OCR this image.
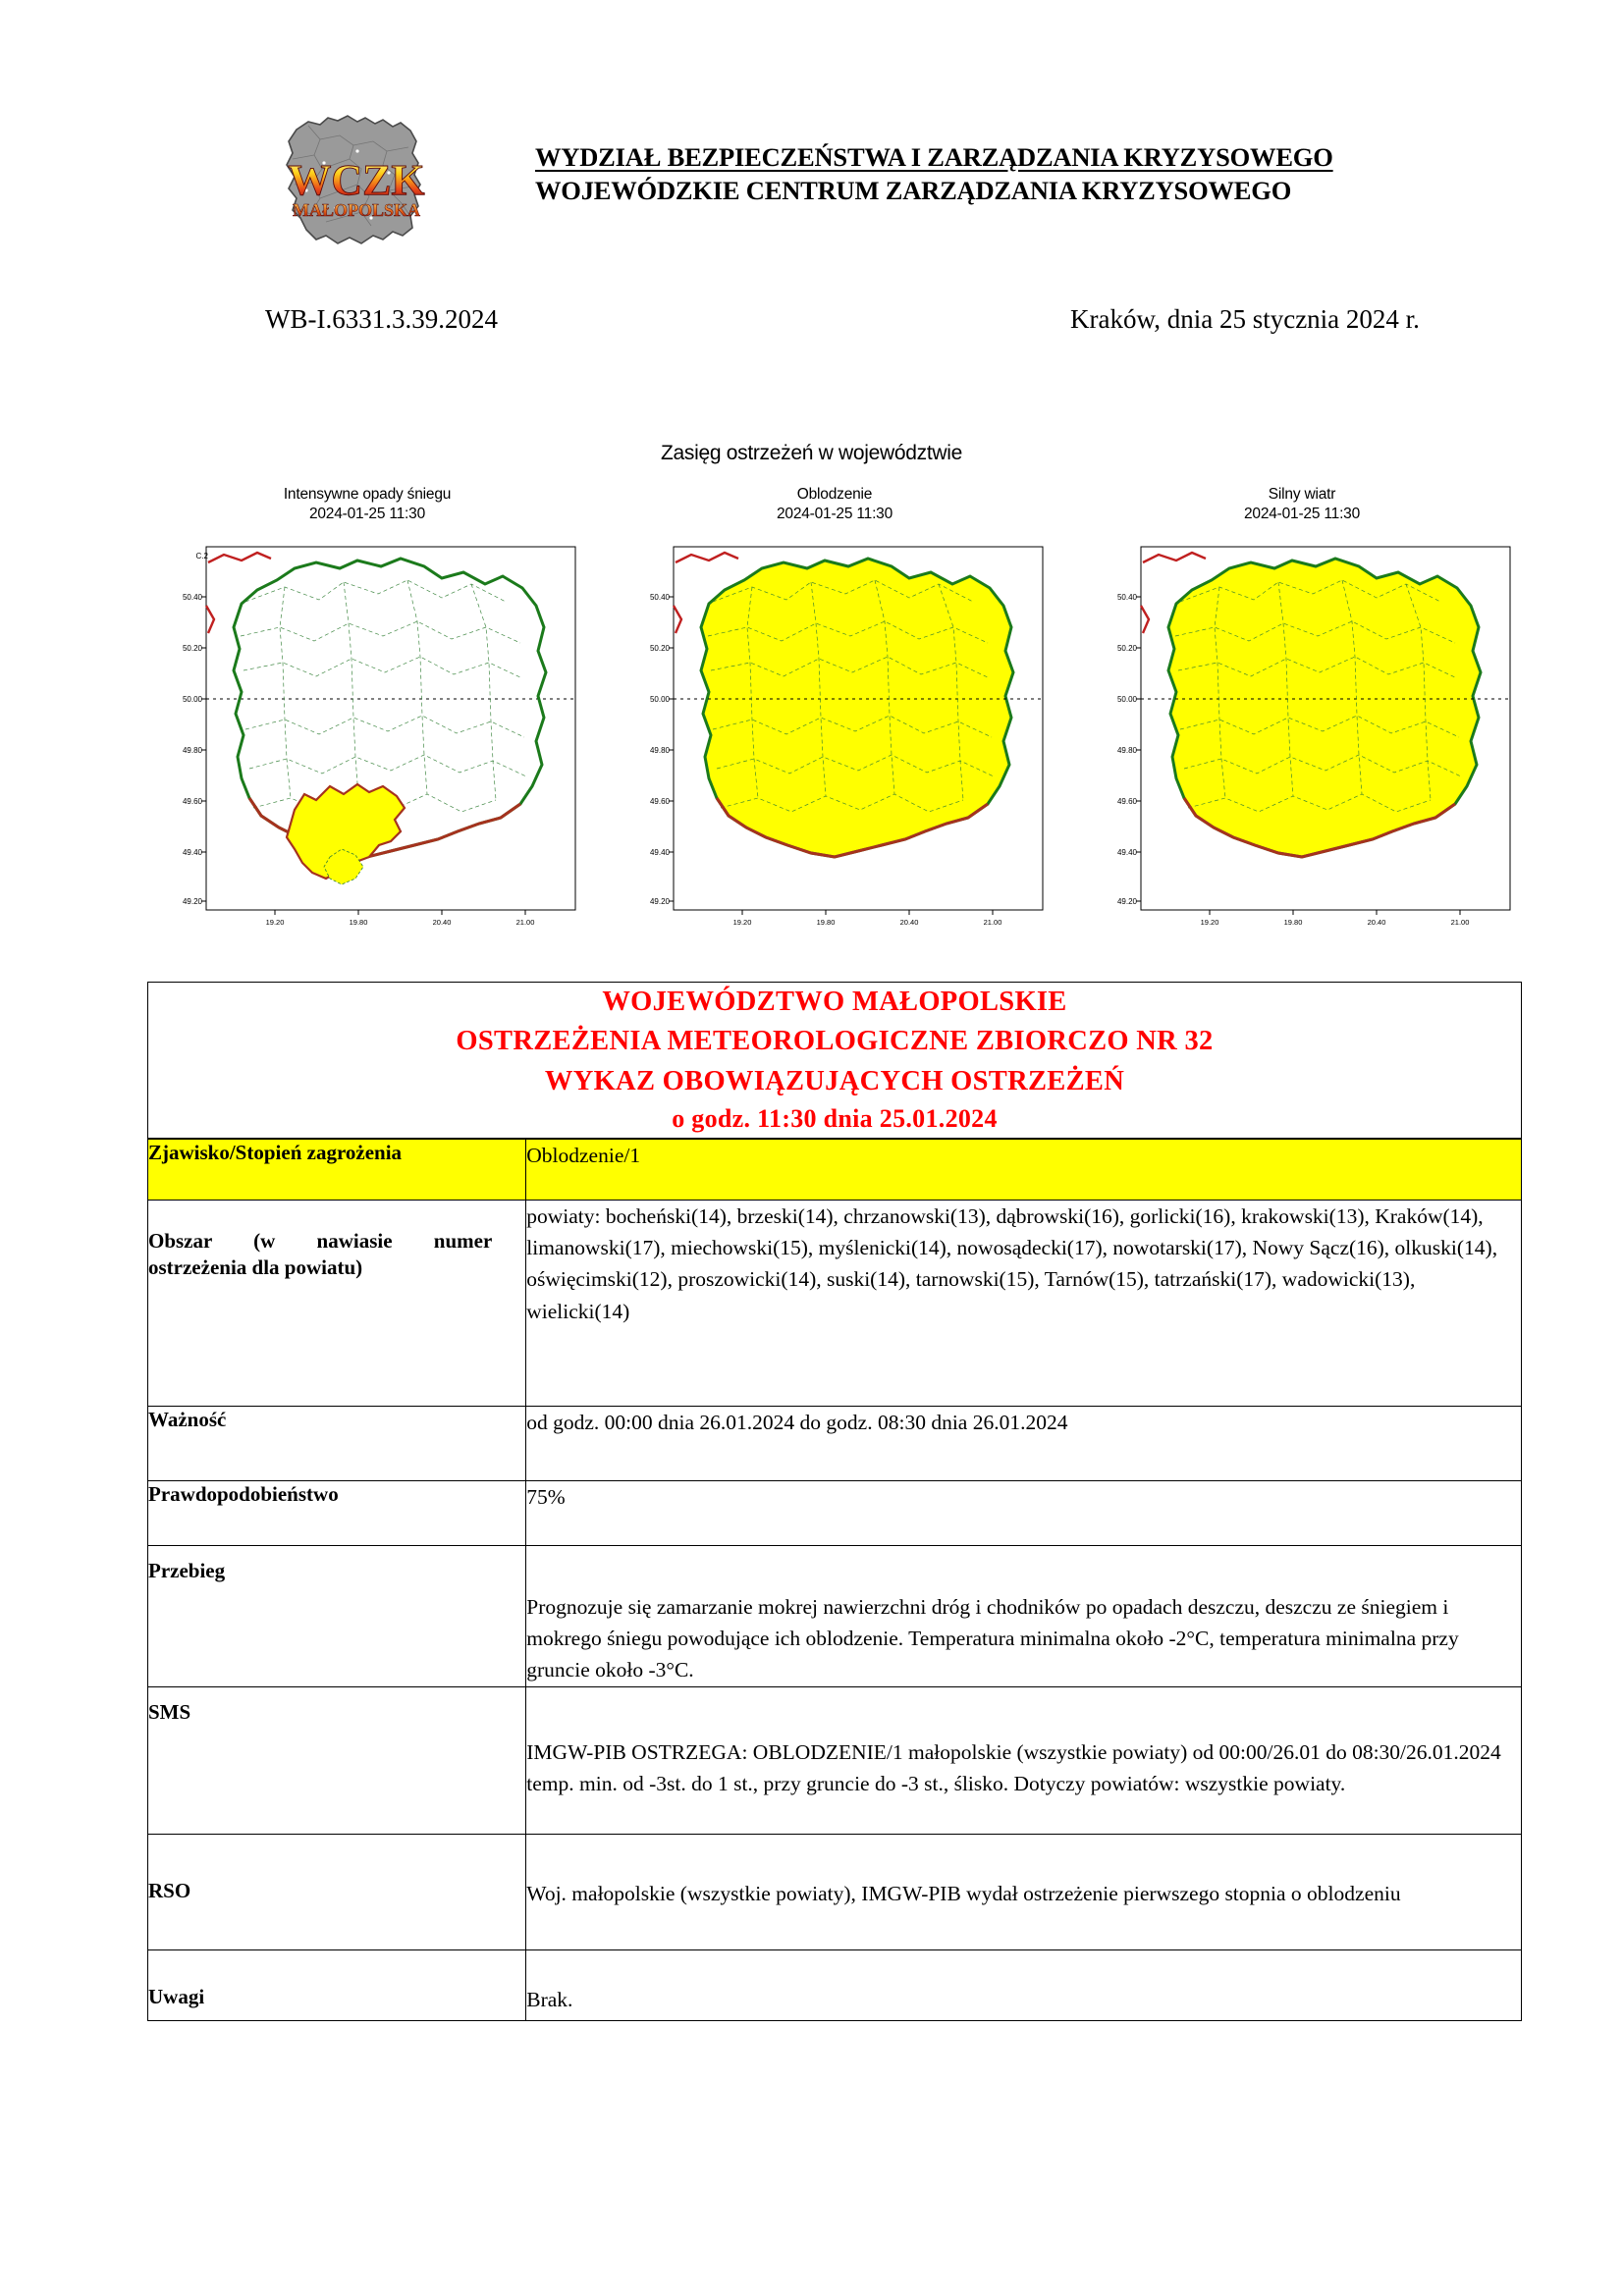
WCZK
MAŁOPOLSKA
WYDZIAŁ BEZPIECZEŃSTWA I ZARZĄDZANIA KRYZYSOWEGO
WOJEWÓDZKIE CENTRUM ZARZĄDZANIA KRYZYSOWEGO
WB-I.6331.3.39.2024	Kraków, dnia 25 stycznia 2024 r.
Zasięg ostrzeżeń w województwie
Intensywne opady śniegu
2024-01-25 11:30
50.40
50.20
50.00
49.80
49.60
49.40
49.20
C.2
19.20	19.80	20.40	21.00
Oblodzenie
2024-01-25 11:30
50.40
50.20
50.00
49.80
49.60
49.40
49.20
19.20	19.80	20.40	21.00
Silny wiatr
2024-01-25 11:30
50.40
50.20
50.00
49.80
49.60
49.40
49.20
19.20	19.80	20.40	21.00
WOJEWÓDZTWO MAŁOPOLSKIE
OSTRZEŻENIA METEOROLOGICZNE ZBIORCZO NR 32
WYKAZ OBOWIĄZUJĄCYCH OSTRZEŻEŃ
o godz. 11:30 dnia 25.01.2024	

Zjawisko/Stopień zagrożenia	Oblodzenie/1

Obszar (w nawiasie numer
ostrzeżenia dla powiatu)	powiaty: bocheński(14), brzeski(14), chrzanowski(13), dąbrowski(16), gorlicki(16), krakowski(13), Kraków(14), limanowski(17), miechowski(15), myślenicki(14), nowosądecki(17), nowotarski(17), Nowy Sącz(16), olkuski(14), oświęcimski(12), proszowicki(14), suski(14), tarnowski(15), Tarnów(15), tatrzański(17), wadowicki(13), wielicki(14)
Ważność	od godz. 00:00 dnia 26.01.2024 do godz. 08:30 dnia 26.01.2024
Prawdopodobieństwo	75%
Przebieg	Prognozuje się zamarzanie mokrej nawierzchni dróg i chodników po opadach deszczu, deszczu ze śniegiem i mokrego śniegu powodujące ich oblodzenie. Temperatura minimalna około -2°C, temperatura minimalna przy gruncie około -3°C.
SMS	IMGW-PIB OSTRZEGA: OBLODZENIE/1 małopolskie (wszystkie powiaty) od 00:00/26.01 do 08:30/26.01.2024 temp. min. od -3st. do 1 st., przy gruncie do -3 st., ślisko. Dotyczy powiatów: wszystkie powiaty.
RSO	Woj. małopolskie (wszystkie powiaty), IMGW-PIB wydał ostrzeżenie pierwszego stopnia o oblodzeniu
Uwagi	Brak.
